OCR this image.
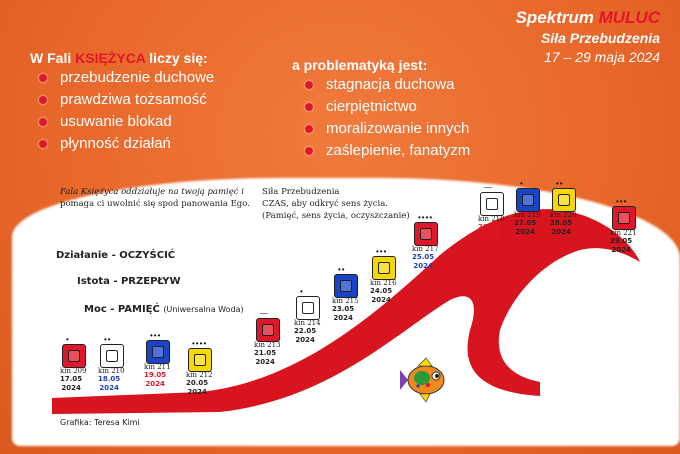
Spektrum MULUC
Siła Przebudzenia
17 – 29 maja 2024
W Fali KSIĘŻYCA liczy się:
przebudzenie duchowe
prawdziwa tożsamość
usuwanie blokad
płynność działań
a problematyką jest:
stagnacja duchowa
cierpiętnictwo
moralizowanie innych
zaślepienie, fanatyzm
Fala Księżyca oddziałuje na twoją pamięć i
pomaga ci uwolnić się spod panowania Ego.
Siła Przebudzenia
CZAS, aby odkryć sens życia.
(Pamięć, sens życia, oczyszczanie)
Działanie - OCZYŚCIĆ
Istota - PRZEPŁYW
Moc - PAMIĘĆ (Uniwersalna Woda)
•
kin 209
17.05
2024
••
kin 210
18.05
2024
•••
kin 211
19.05
2024
••••
kin 212
20.05
2024
—
kin 213
21.05
2024
•
kin 214
22.05
2024
••
kin 215
23.05
2024
•••
kin 216
24.05
2024
••••
kin 217
25.05
2024
—
kin 218
26.05
2024
•
kin 219
27.05
2024
••
kin 220
28.05
2024
•••
kin 221
29.05
2024
Grafika: Teresa Kimi
